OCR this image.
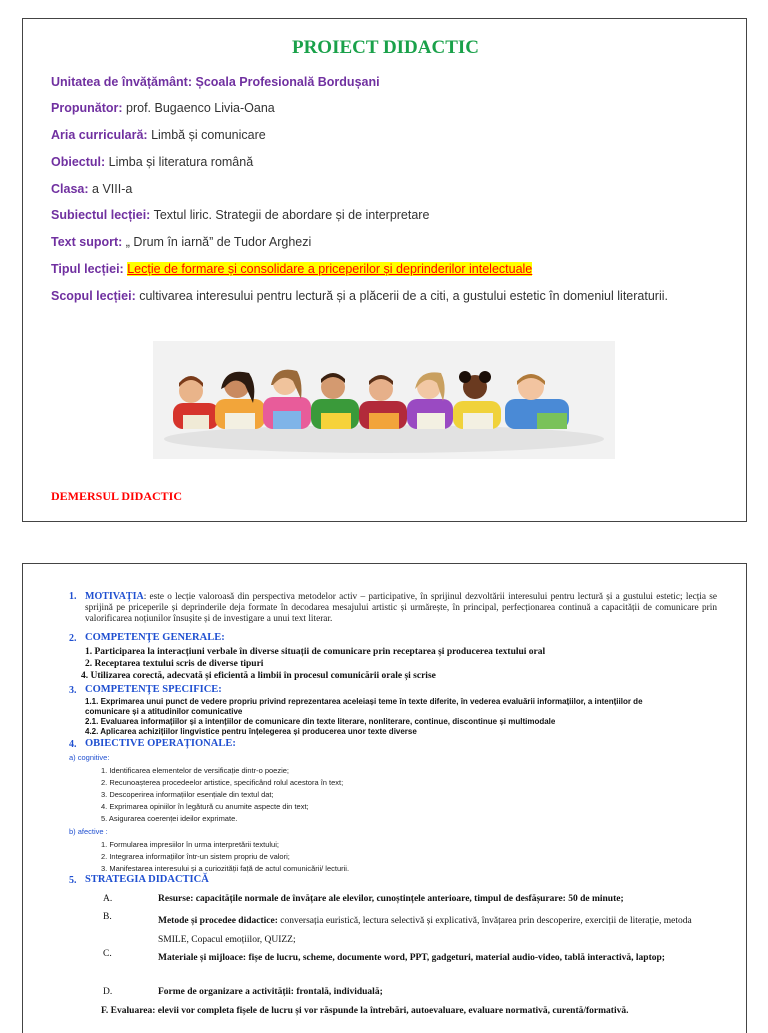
PROIECT DIDACTIC
Unitatea de învățământ: Școala Profesională Bordușani
Propunător: prof. Bugaenco Livia-Oana
Aria curriculară: Limbă și comunicare
Obiectul: Limba și literatura română
Clasa: a VIII-a
Subiectul lecției: Textul liric. Strategii de abordare și de interpretare
Text suport: „ Drum în iarnă” de Tudor Arghezi
Tipul lecției: Lecție de formare și consolidare a priceperilor și deprinderilor intelectuale
Scopul lecției: cultivarea interesului pentru lectură și a plăcerii de a citi, a gustului estetic în domeniul literaturii.
DEMERSUL DIDACTIC
1. MOTIVAȚIA: este o lecție valoroasă din perspectiva metodelor activ – participative, în sprijinul dezvoltării interesului pentru lectură și a gustului estetic; lecția se sprijină pe priceperile și deprinderile deja formate în decodarea mesajului artistic și urmărește, în principal, perfecționarea continuă a capacității de comunicare prin valorificarea noțiunilor însușite și de investigare a unui text literar.
2. COMPETENȚE GENERALE:
1. Participarea la interacțiuni verbale în diverse situații de comunicare prin receptarea și producerea textului oral
2. Receptarea textului scris de diverse tipuri
4. Utilizarea corectă, adecvată și eficientă a limbii în procesul comunicării orale și scrise
3. COMPETENȚE SPECIFICE:
1.1. Exprimarea unui punct de vedere propriu privind reprezentarea aceleiași teme în texte diferite, în vederea evaluării informațiilor, a intențiilor de
comunicare și a atitudinilor comunicative
2.1. Evaluarea informațiilor și a intențiilor de comunicare din texte literare, nonliterare, continue, discontinue și multimodale
4.2. Aplicarea achizițiilor lingvistice pentru înțelegerea și producerea unor texte diverse
4. OBIECTIVE OPERAȚIONALE:
a) cognitive:
1. Identificarea elementelor de versificație dintr-o poezie;
2. Recunoașterea procedeelor artistice, specificând rolul acestora în text;
3. Descoperirea informațiilor esențiale din textul dat;
4. Exprimarea opiniilor în legătură cu anumite aspecte din text;
5. Asigurarea coerenței ideilor exprimate.
b) afective :
1. Formularea impresiilor în urma interpretării textului;
2. Integrarea informațiilor într-un sistem propriu de valori;
3. Manifestarea interesului și a curiozității față de actul comunicării/ lecturii.
5. STRATEGIA DIDACTICĂ
A.	Resurse: capacitățile normale de învățare ale elevilor, cunoștințele anterioare, timpul de desfășurare: 50 de minute;
B.	Metode și procedee didactice: conversația euristică, lectura selectivă și explicativă, învățarea prin descoperire, exerciții de literație, metoda SMILE, Copacul emoțiilor, QUIZZ;
C.	Materiale și mijloace: fișe de lucru, scheme, documente word, PPT, gadgeturi, material audio-video, tablă interactivă, laptop;
D.	Forme de organizare a activității: frontală, individuală;
F. Evaluarea: elevii vor completa fișele de lucru și vor răspunde la întrebări, autoevaluare, evaluare normativă, curentă/formativă.
